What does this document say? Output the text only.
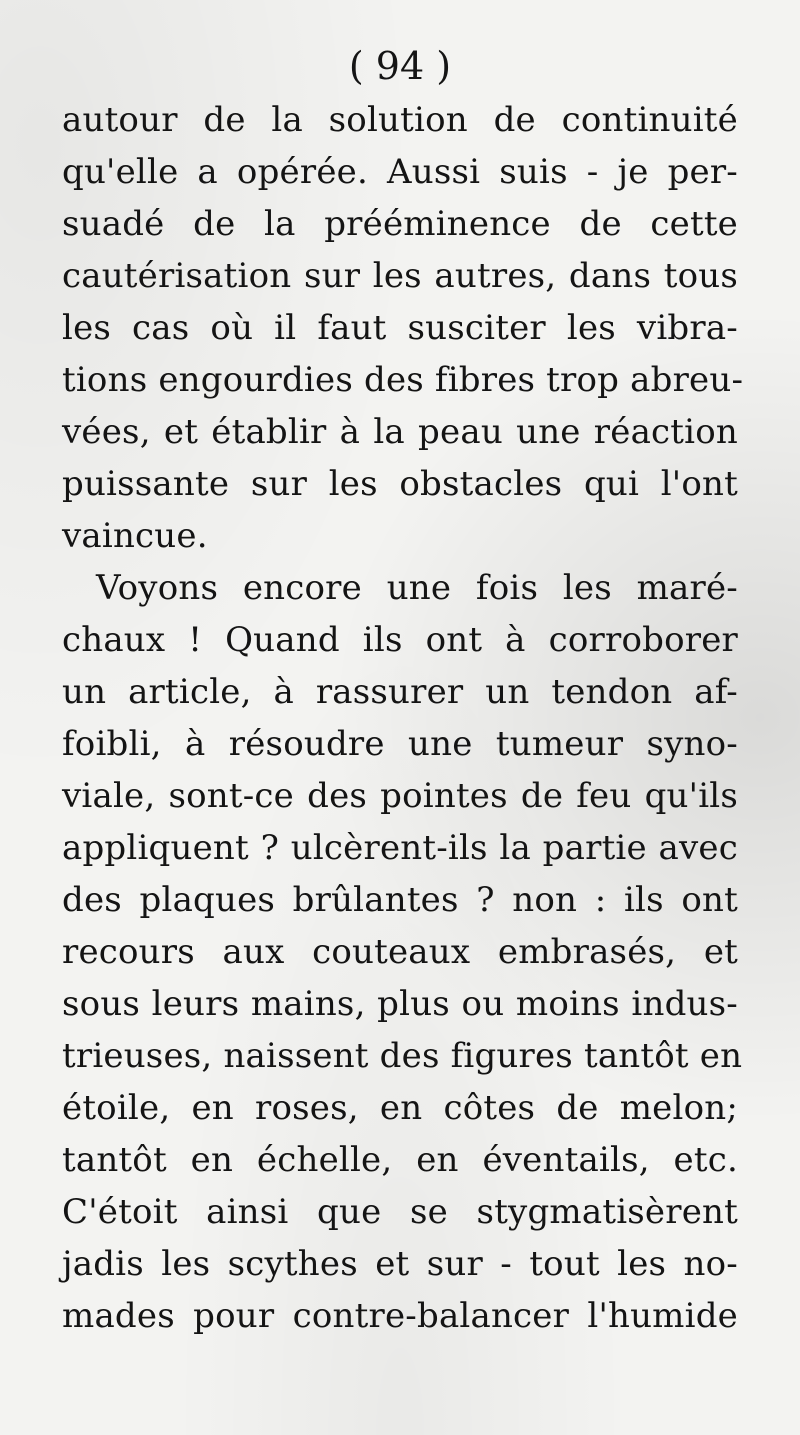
( 94 )
autour de la solution de continuité
qu'elle a opérée. Aussi suis - je per-
suadé de la prééminence de cette
cautérisation sur les autres, dans tous
les cas où il faut susciter les vibra-
tions engourdies des fibres trop abreu-
vées, et établir à la peau une réaction
puissante sur les obstacles qui l'ont
vaincue.
Voyons encore une fois les maré-
chaux ! Quand ils ont à corroborer
un article, à rassurer un tendon af-
foibli, à résoudre une tumeur syno-
viale, sont-ce des pointes de feu qu'ils
appliquent ? ulcèrent-ils la partie avec
des plaques brûlantes ? non : ils ont
recours aux couteaux embrasés, et
sous leurs mains, plus ou moins indus-
trieuses, naissent des figures tantôt en
étoile, en roses, en côtes de melon;
tantôt en échelle, en éventails, etc.
C'étoit ainsi que se stygmatisèrent
jadis les scythes et sur - tout les no-
mades pour contre-balancer l'humide
